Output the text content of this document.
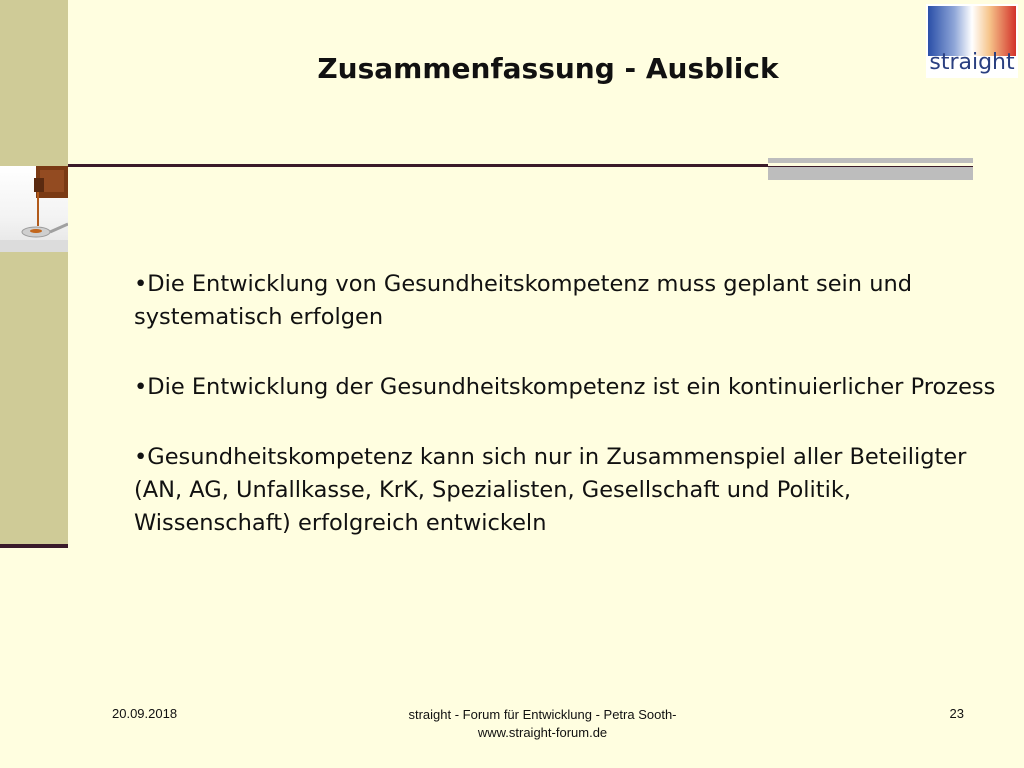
Zusammenfassung - Ausblick	straight
•Die Entwicklung von Gesundheitskompetenz muss geplant sein und systematisch erfolgen
•Die Entwicklung der Gesundheitskompetenz ist ein kontinuierlicher Prozess
•Gesundheitskompetenz kann sich nur in Zusammenspiel aller Beteiligter (AN, AG, Unfallkasse, KrK, Spezialisten, Gesellschaft und Politik, Wissenschaft) erfolgreich entwickeln
20.09.2018	straight - Forum für Entwicklung - Petra Sooth-
www.straight-forum.de
23
